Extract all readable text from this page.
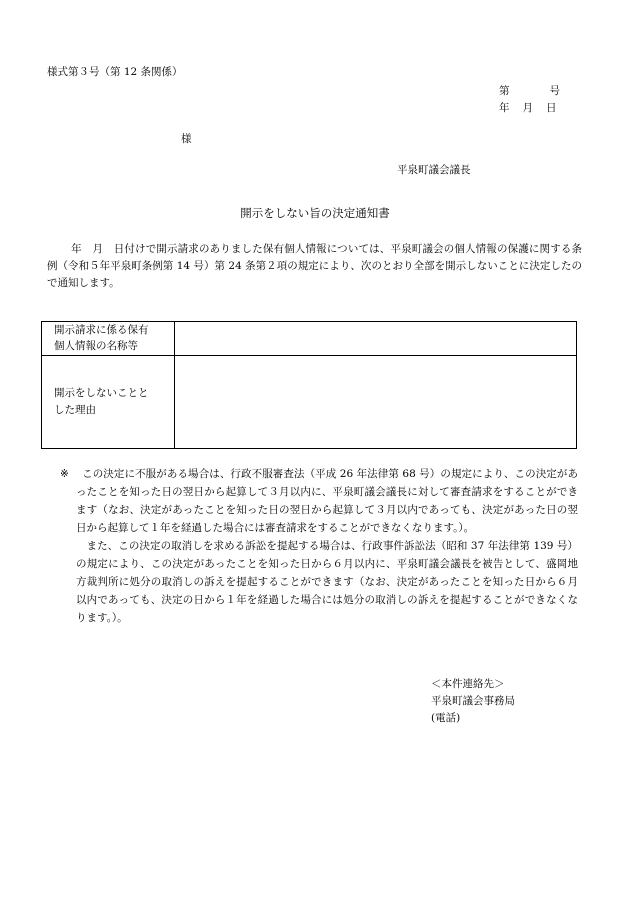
様式第３号（第 12 条関係）
第	号
年 月 日
様
平泉町議会議長
開示をしない旨の決定通知書
年　月　日付けで開示請求のありました保有個人情報については、平泉町議会の個人情報の保護に関する条例（令和５年平泉町条例第 14 号）第 24 条第２項の規定により、次のとおり全部を開示しないことに決定したので通知します。
開示請求に係る保有
個人情報の名称等	

開示をしないことと
した理由	

※ この決定に不服がある場合は、行政不服審査法（平成 26 年法律第 68 号）の規定により、この決定があったことを知った日の翌日から起算して３月以内に、平泉町議会議長に対して審査請求をすることができます（なお、決定があったことを知った日の翌日から起算して３月以内であっても、決定があった日の翌日から起算して１年を経過した場合には審査請求をすることができなくなります。）。

また、この決定の取消しを求める訴訟を提起する場合は、行政事件訴訟法（昭和 37 年法律第 139 号）の規定により、この決定があったことを知った日から６月以内に、平泉町議会議長を被告として、盛岡地方裁判所に処分の取消しの訴えを提起することができます（なお、決定があったことを知った日から６月以内であっても、決定の日から１年を経過した場合には処分の取消しの訴えを提起することができなくなります。）。

＜本件連絡先＞
平泉町議会事務局
(電話)
